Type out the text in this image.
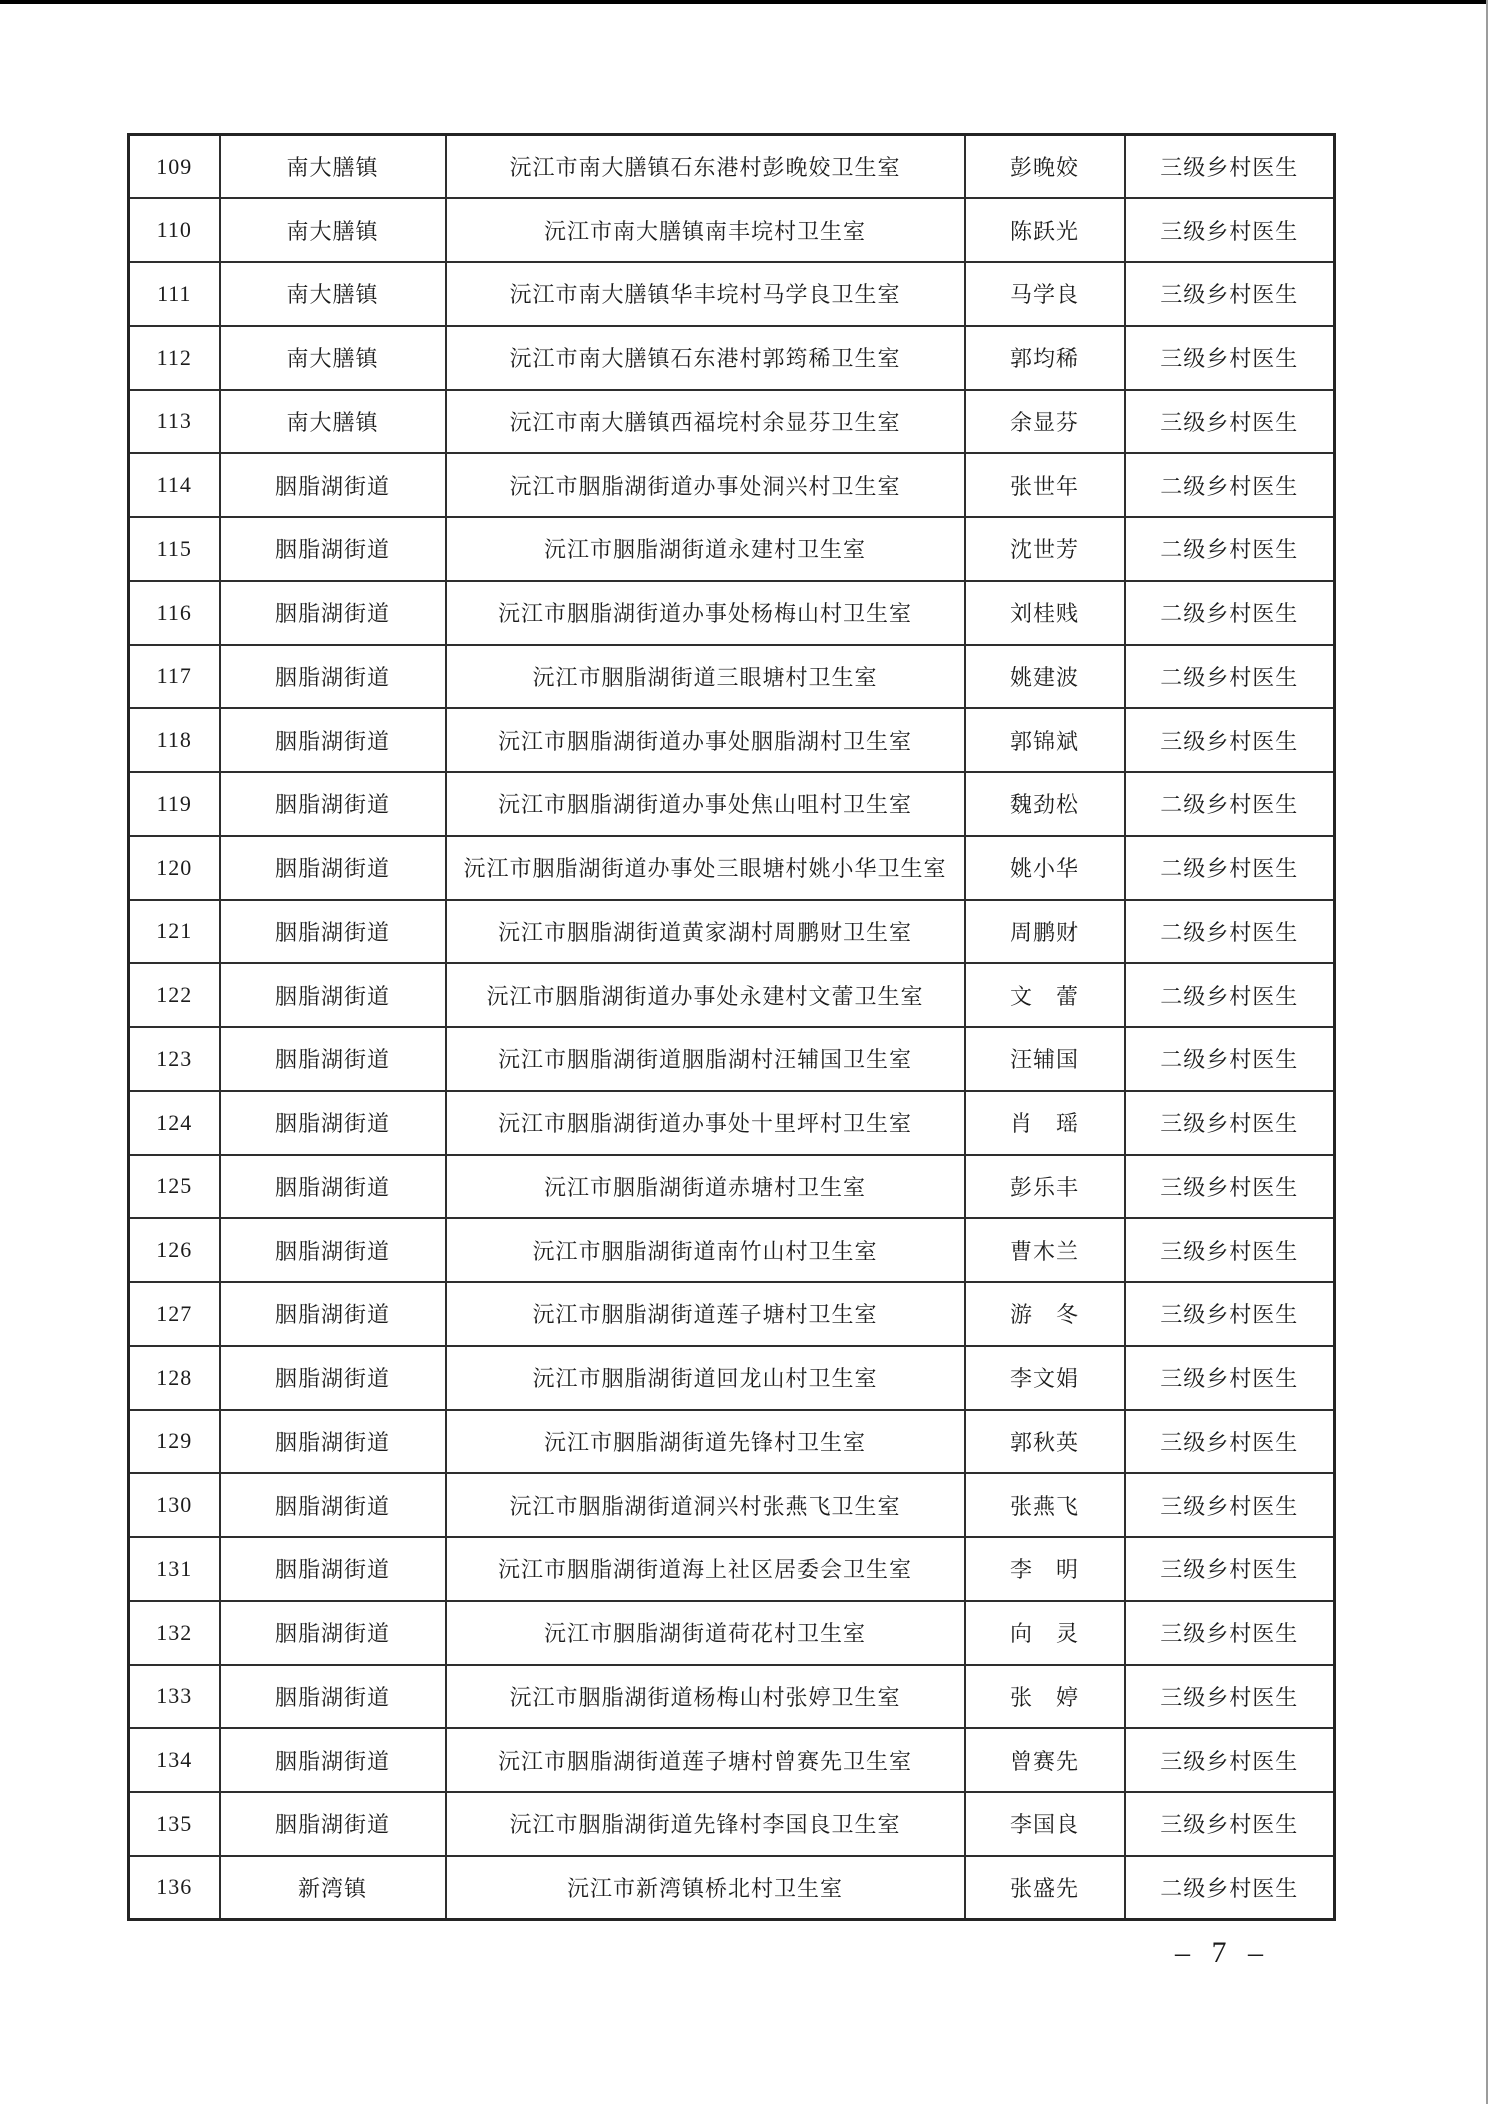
109	南大膳镇	沅江市南大膳镇石东港村彭晚姣卫生室	彭晚姣	三级乡村医生
110	南大膳镇	沅江市南大膳镇南丰垸村卫生室	陈跃光	三级乡村医生
111	南大膳镇	沅江市南大膳镇华丰垸村马学良卫生室	马学良	三级乡村医生
112	南大膳镇	沅江市南大膳镇石东港村郭筠稀卫生室	郭均稀	三级乡村医生
113	南大膳镇	沅江市南大膳镇西福垸村余显芬卫生室	余显芬	三级乡村医生
114	胭脂湖街道	沅江市胭脂湖街道办事处洞兴村卫生室	张世年	二级乡村医生
115	胭脂湖街道	沅江市胭脂湖街道永建村卫生室	沈世芳	二级乡村医生
116	胭脂湖街道	沅江市胭脂湖街道办事处杨梅山村卫生室	刘桂贱	二级乡村医生
117	胭脂湖街道	沅江市胭脂湖街道三眼塘村卫生室	姚建波	二级乡村医生
118	胭脂湖街道	沅江市胭脂湖街道办事处胭脂湖村卫生室	郭锦斌	三级乡村医生
119	胭脂湖街道	沅江市胭脂湖街道办事处焦山咀村卫生室	魏劲松	二级乡村医生
120	胭脂湖街道	沅江市胭脂湖街道办事处三眼塘村姚小华卫生室	姚小华	二级乡村医生
121	胭脂湖街道	沅江市胭脂湖街道黄家湖村周鹏财卫生室	周鹏财	二级乡村医生
122	胭脂湖街道	沅江市胭脂湖街道办事处永建村文蕾卫生室	文　蕾	二级乡村医生
123	胭脂湖街道	沅江市胭脂湖街道胭脂湖村汪辅国卫生室	汪辅国	二级乡村医生
124	胭脂湖街道	沅江市胭脂湖街道办事处十里坪村卫生室	肖　瑶	三级乡村医生
125	胭脂湖街道	沅江市胭脂湖街道赤塘村卫生室	彭乐丰	三级乡村医生
126	胭脂湖街道	沅江市胭脂湖街道南竹山村卫生室	曹木兰	三级乡村医生
127	胭脂湖街道	沅江市胭脂湖街道莲子塘村卫生室	游　冬	三级乡村医生
128	胭脂湖街道	沅江市胭脂湖街道回龙山村卫生室	李文娟	三级乡村医生
129	胭脂湖街道	沅江市胭脂湖街道先锋村卫生室	郭秋英	三级乡村医生
130	胭脂湖街道	沅江市胭脂湖街道洞兴村张燕飞卫生室	张燕飞	三级乡村医生
131	胭脂湖街道	沅江市胭脂湖街道海上社区居委会卫生室	李　明	三级乡村医生
132	胭脂湖街道	沅江市胭脂湖街道荷花村卫生室	向　灵	三级乡村医生
133	胭脂湖街道	沅江市胭脂湖街道杨梅山村张婷卫生室	张　婷	三级乡村医生
134	胭脂湖街道	沅江市胭脂湖街道莲子塘村曾赛先卫生室	曾赛先	三级乡村医生
135	胭脂湖街道	沅江市胭脂湖街道先锋村李国良卫生室	李国良	三级乡村医生
136	新湾镇	沅江市新湾镇桥北村卫生室	张盛先	二级乡村医生
– 7 –
